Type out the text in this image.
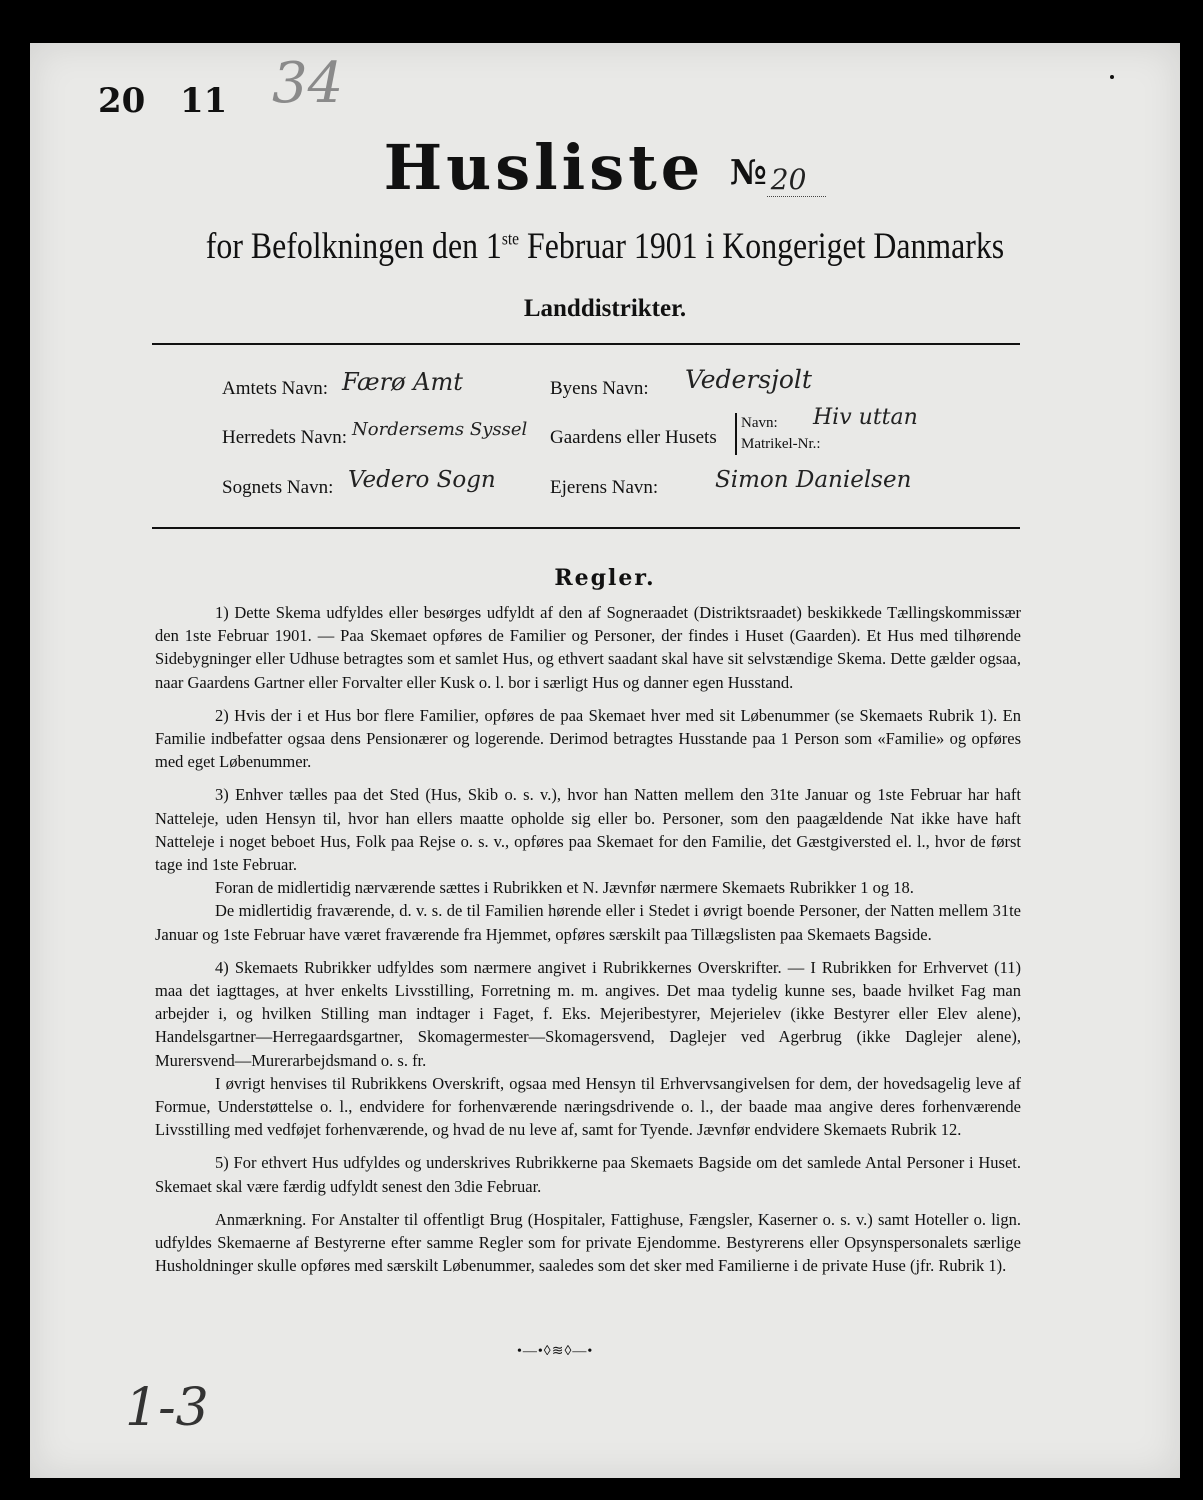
20 11 34
Husliste № 20
for Befolkningen den 1ste Februar 1901 i Kongeriget Danmarks
Landdistrikter.
Amtets Navn: Færø Amt	Byens Navn: Vedersjolt
Herredets Navn: Nordersems Syssel Gaardens eller Husets
Navn:
Matrikel-Nr.:
Hiv uttan
Sognets Navn: Vedero Sogn	Ejerens Navn: Simon Danielsen
Regler.

1) Dette Skema udfyldes eller besørges udfyldt af den af Sogneraadet (Distriktsraadet) beskikkede Tællingskommissær den 1ste Februar 1901. — Paa Skemaet opføres de Familier og Personer, der findes i Huset (Gaarden). Et Hus med tilhørende Sidebygninger eller Udhuse betragtes som et samlet Hus, og ethvert saadant skal have sit selvstændige Skema. Dette gælder ogsaa, naar Gaardens Gartner eller Forvalter eller Kusk o. l. bor i særligt Hus og danner egen Husstand.

2) Hvis der i et Hus bor flere Familier, opføres de paa Skemaet hver med sit Løbenummer (se Skemaets Rubrik 1). En Familie indbefatter ogsaa dens Pensionærer og logerende. Derimod betragtes Husstande paa 1 Person som «Familie» og opføres med eget Løbenummer.

3) Enhver tælles paa det Sted (Hus, Skib o. s. v.), hvor han Natten mellem den 31te Januar og 1ste Februar har haft Natteleje, uden Hensyn til, hvor han ellers maatte opholde sig eller bo. Personer, som den paagældende Nat ikke have haft Natteleje i noget beboet Hus, Folk paa Rejse o. s. v., opføres paa Skemaet for den Familie, det Gæstgiversted el. l., hvor de først tage ind 1ste Februar.

Foran de midlertidig nærværende sættes i Rubrikken et N. Jævnfør nærmere Skemaets Rubrikker 1 og 18.

De midlertidig fraværende, d. v. s. de til Familien hørende eller i Stedet i øvrigt boende Personer, der Natten mellem 31te Januar og 1ste Februar have været fraværende fra Hjemmet, opføres særskilt paa Tillægslisten paa Skemaets Bagside.

4) Skemaets Rubrikker udfyldes som nærmere angivet i Rubrikkernes Overskrifter. — I Rubrikken for Erhvervet (11) maa det iagttages, at hver enkelts Livsstilling, Forretning m. m. angives. Det maa tydelig kunne ses, baade hvilket Fag man arbejder i, og hvilken Stilling man indtager i Faget, f. Eks. Mejeribestyrer, Mejerielev (ikke Bestyrer eller Elev alene), Handelsgartner—Herregaardsgartner, Skomagermester—Skomagersvend, Daglejer ved Agerbrug (ikke Daglejer alene), Murersvend—Murerarbejdsmand o. s. fr.

I øvrigt henvises til Rubrikkens Overskrift, ogsaa med Hensyn til Erhvervsangivelsen for dem, der hovedsagelig leve af Formue, Understøttelse o. l., endvidere for forhenværende næringsdrivende o. l., der baade maa angive deres forhenværende Livsstilling med vedføjet forhenværende, og hvad de nu leve af, samt for Tyende. Jævnfør endvidere Skemaets Rubrik 12.

5) For ethvert Hus udfyldes og underskrives Rubrikkerne paa Skemaets Bagside om det samlede Antal Personer i Huset. Skemaet skal være færdig udfyldt senest den 3die Februar.

Anmærkning. For Anstalter til offentligt Brug (Hospitaler, Fattighuse, Fængsler, Kaserner o. s. v.) samt Hoteller o. lign. udfyldes Skemaerne af Bestyrerne efter samme Regler som for private Ejendomme. Bestyrerens eller Opsynspersonalets særlige Husholdninger skulle opføres med særskilt Løbenummer, saaledes som det sker med Familierne i de private Huse (jfr. Rubrik 1).

•—•◊≋◊—•
1-3
